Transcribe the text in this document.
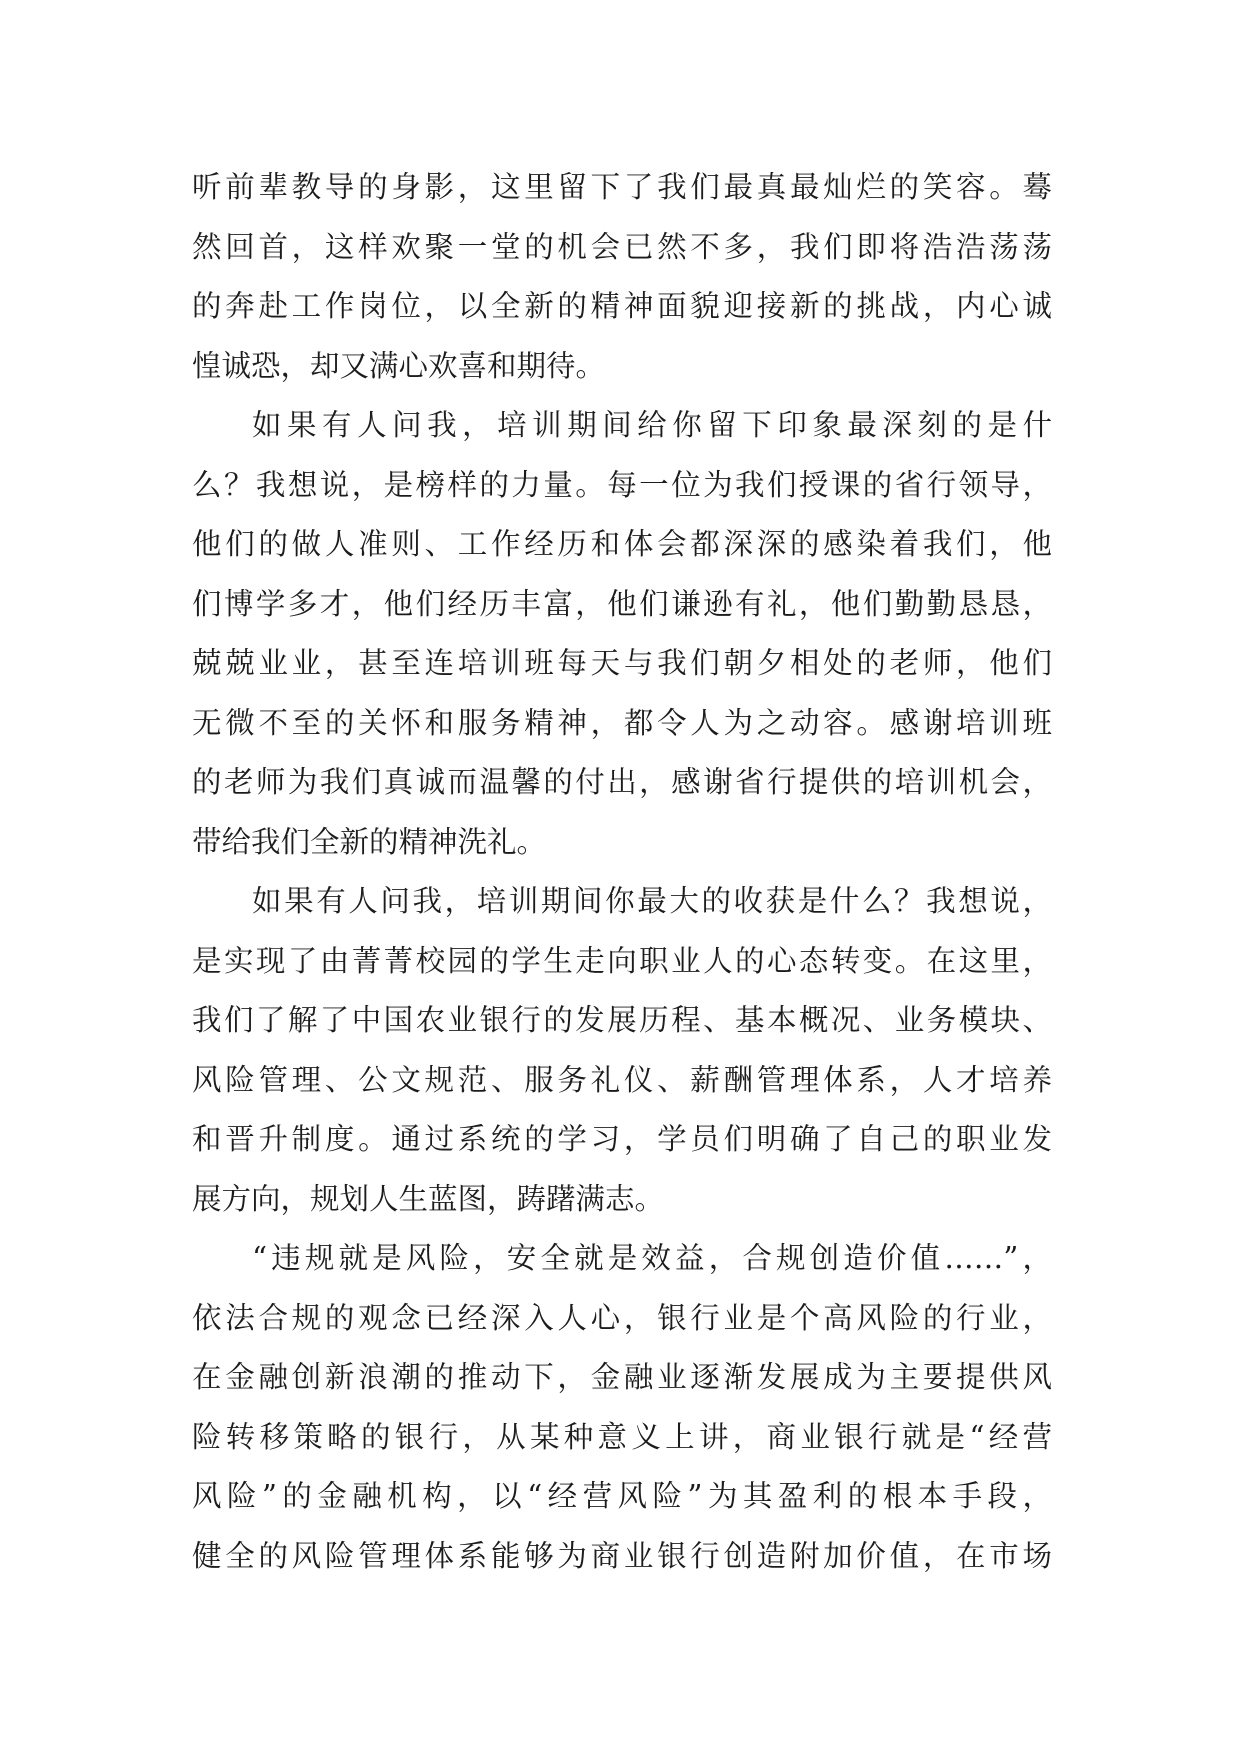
听前辈教导的身影，这里留下了我们最真最灿烂的笑容。蓦
然回首，这样欢聚一堂的机会已然不多，我们即将浩浩荡荡
的奔赴工作岗位，以全新的精神面貌迎接新的挑战，内心诚
惶诚恐，却又满心欢喜和期待。
如果有人问我，培训期间给你留下印象最深刻的是什
么？我想说，是榜样的力量。每一位为我们授课的省行领导，
他们的做人准则、工作经历和体会都深深的感染着我们，他
们博学多才，他们经历丰富，他们谦逊有礼，他们勤勤恳恳，
兢兢业业，甚至连培训班每天与我们朝夕相处的老师，他们
无微不至的关怀和服务精神，都令人为之动容。感谢培训班
的老师为我们真诚而温馨的付出，感谢省行提供的培训机会，
带给我们全新的精神洗礼。
如果有人问我，培训期间你最大的收获是什么？我想说，
是实现了由菁菁校园的学生走向职业人的心态转变。在这里，
我们了解了中国农业银行的发展历程、基本概况、业务模块、
风险管理、公文规范、服务礼仪、薪酬管理体系，人才培养
和晋升制度。通过系统的学习，学员们明确了自己的职业发
展方向，规划人生蓝图，踌躇满志。
“违规就是风险，安全就是效益，合规创造价值……”，
依法合规的观念已经深入人心，银行业是个高风险的行业，
在金融创新浪潮的推动下，金融业逐渐发展成为主要提供风
险转移策略的银行，从某种意义上讲，商业银行就是“经营
风险”的金融机构，以“经营风险”为其盈利的根本手段，
健全的风险管理体系能够为商业银行创造附加价值，在市场
